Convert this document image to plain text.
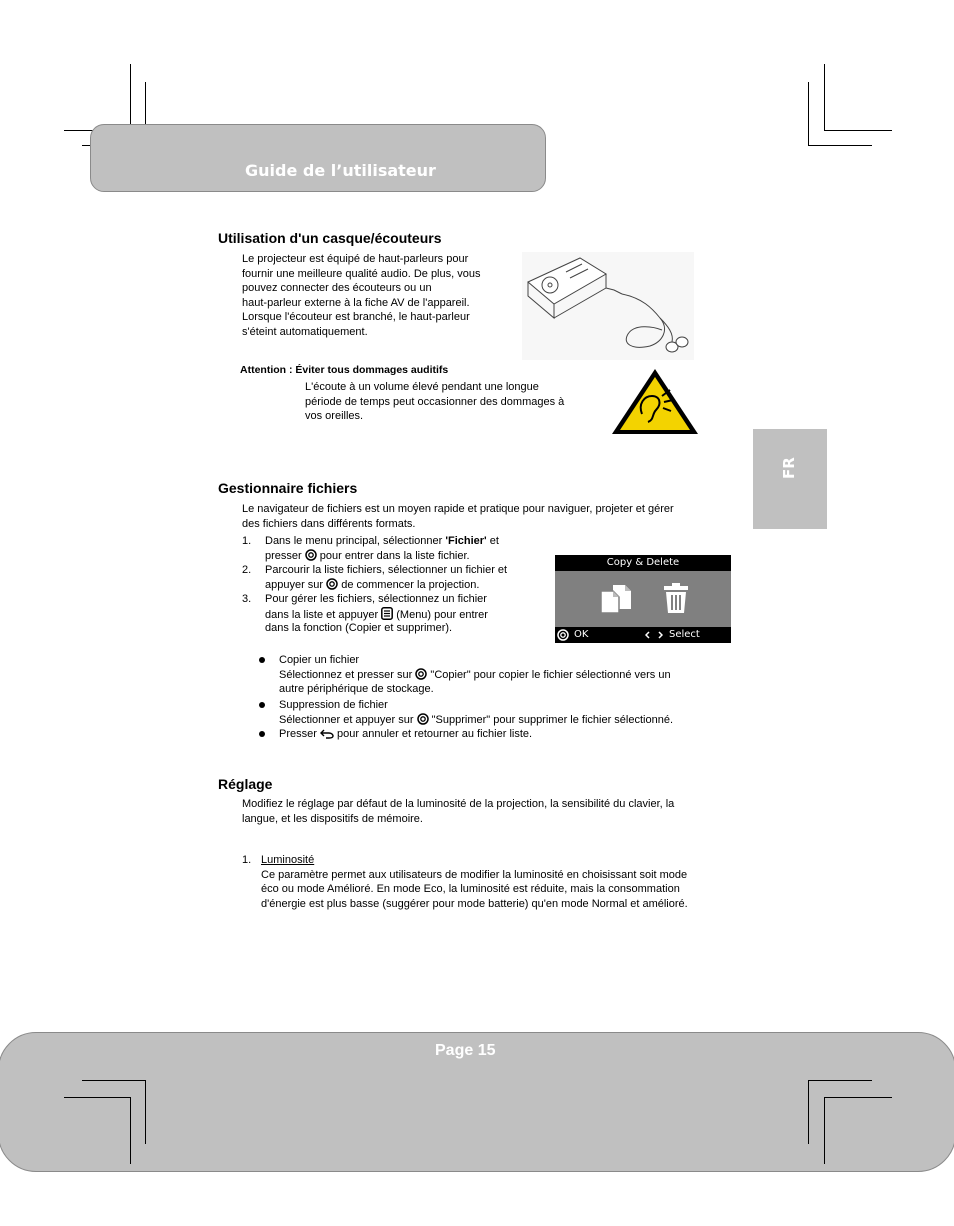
Guide de l’utilisateur
FR
Utilisation d'un casque/écouteurs
Le projecteur est équipé de haut-parleurs pour
fournir une meilleure qualité audio. De plus, vous
pouvez connecter des écouteurs ou un
haut-parleur externe à la fiche AV de l'appareil.
Lorsque l'écouteur est branché, le haut-parleur
s'éteint automatiquement.
Attention : Éviter tous dommages auditifs
L'écoute à un volume élevé pendant une longue
période de temps peut occasionner des dommages à
vos oreilles.
Gestionnaire fichiers
Le navigateur de fichiers est un moyen rapide et pratique pour naviguer, projeter et gérer
des fichiers dans différents formats.
1. Dans le menu principal, sélectionner 'Fichier' et
presser  pour entrer dans la liste fichier.
2. Parcourir la liste fichiers, sélectionner un fichier et
appuyer sur  de commencer la projection.
3. Pour gérer les fichiers, sélectionnez un fichier
dans la liste et appuyer  (Menu) pour entrer
dans la fonction (Copier et supprimer).
Copy & Delete
OK	Select
Copier un fichier
Sélectionnez et presser sur  "Copier" pour copier le fichier sélectionné vers un
autre périphérique de stockage.
Suppression de fichier
Sélectionner et appuyer sur  "Supprimer" pour supprimer le fichier sélectionné.
Presser  pour annuler et retourner au fichier liste.
Réglage
Modifiez le réglage par défaut de la luminosité de la projection, la sensibilité du clavier, la
langue, et les dispositifs de mémoire.
1. Luminosité
Ce paramètre permet aux utilisateurs de modifier la luminosité en choisissant soit mode
éco ou mode Amélioré. En mode Eco, la luminosité est réduite, mais la consommation
d'énergie est plus basse (suggérer pour mode batterie) qu'en mode Normal et amélioré.
Page 15
